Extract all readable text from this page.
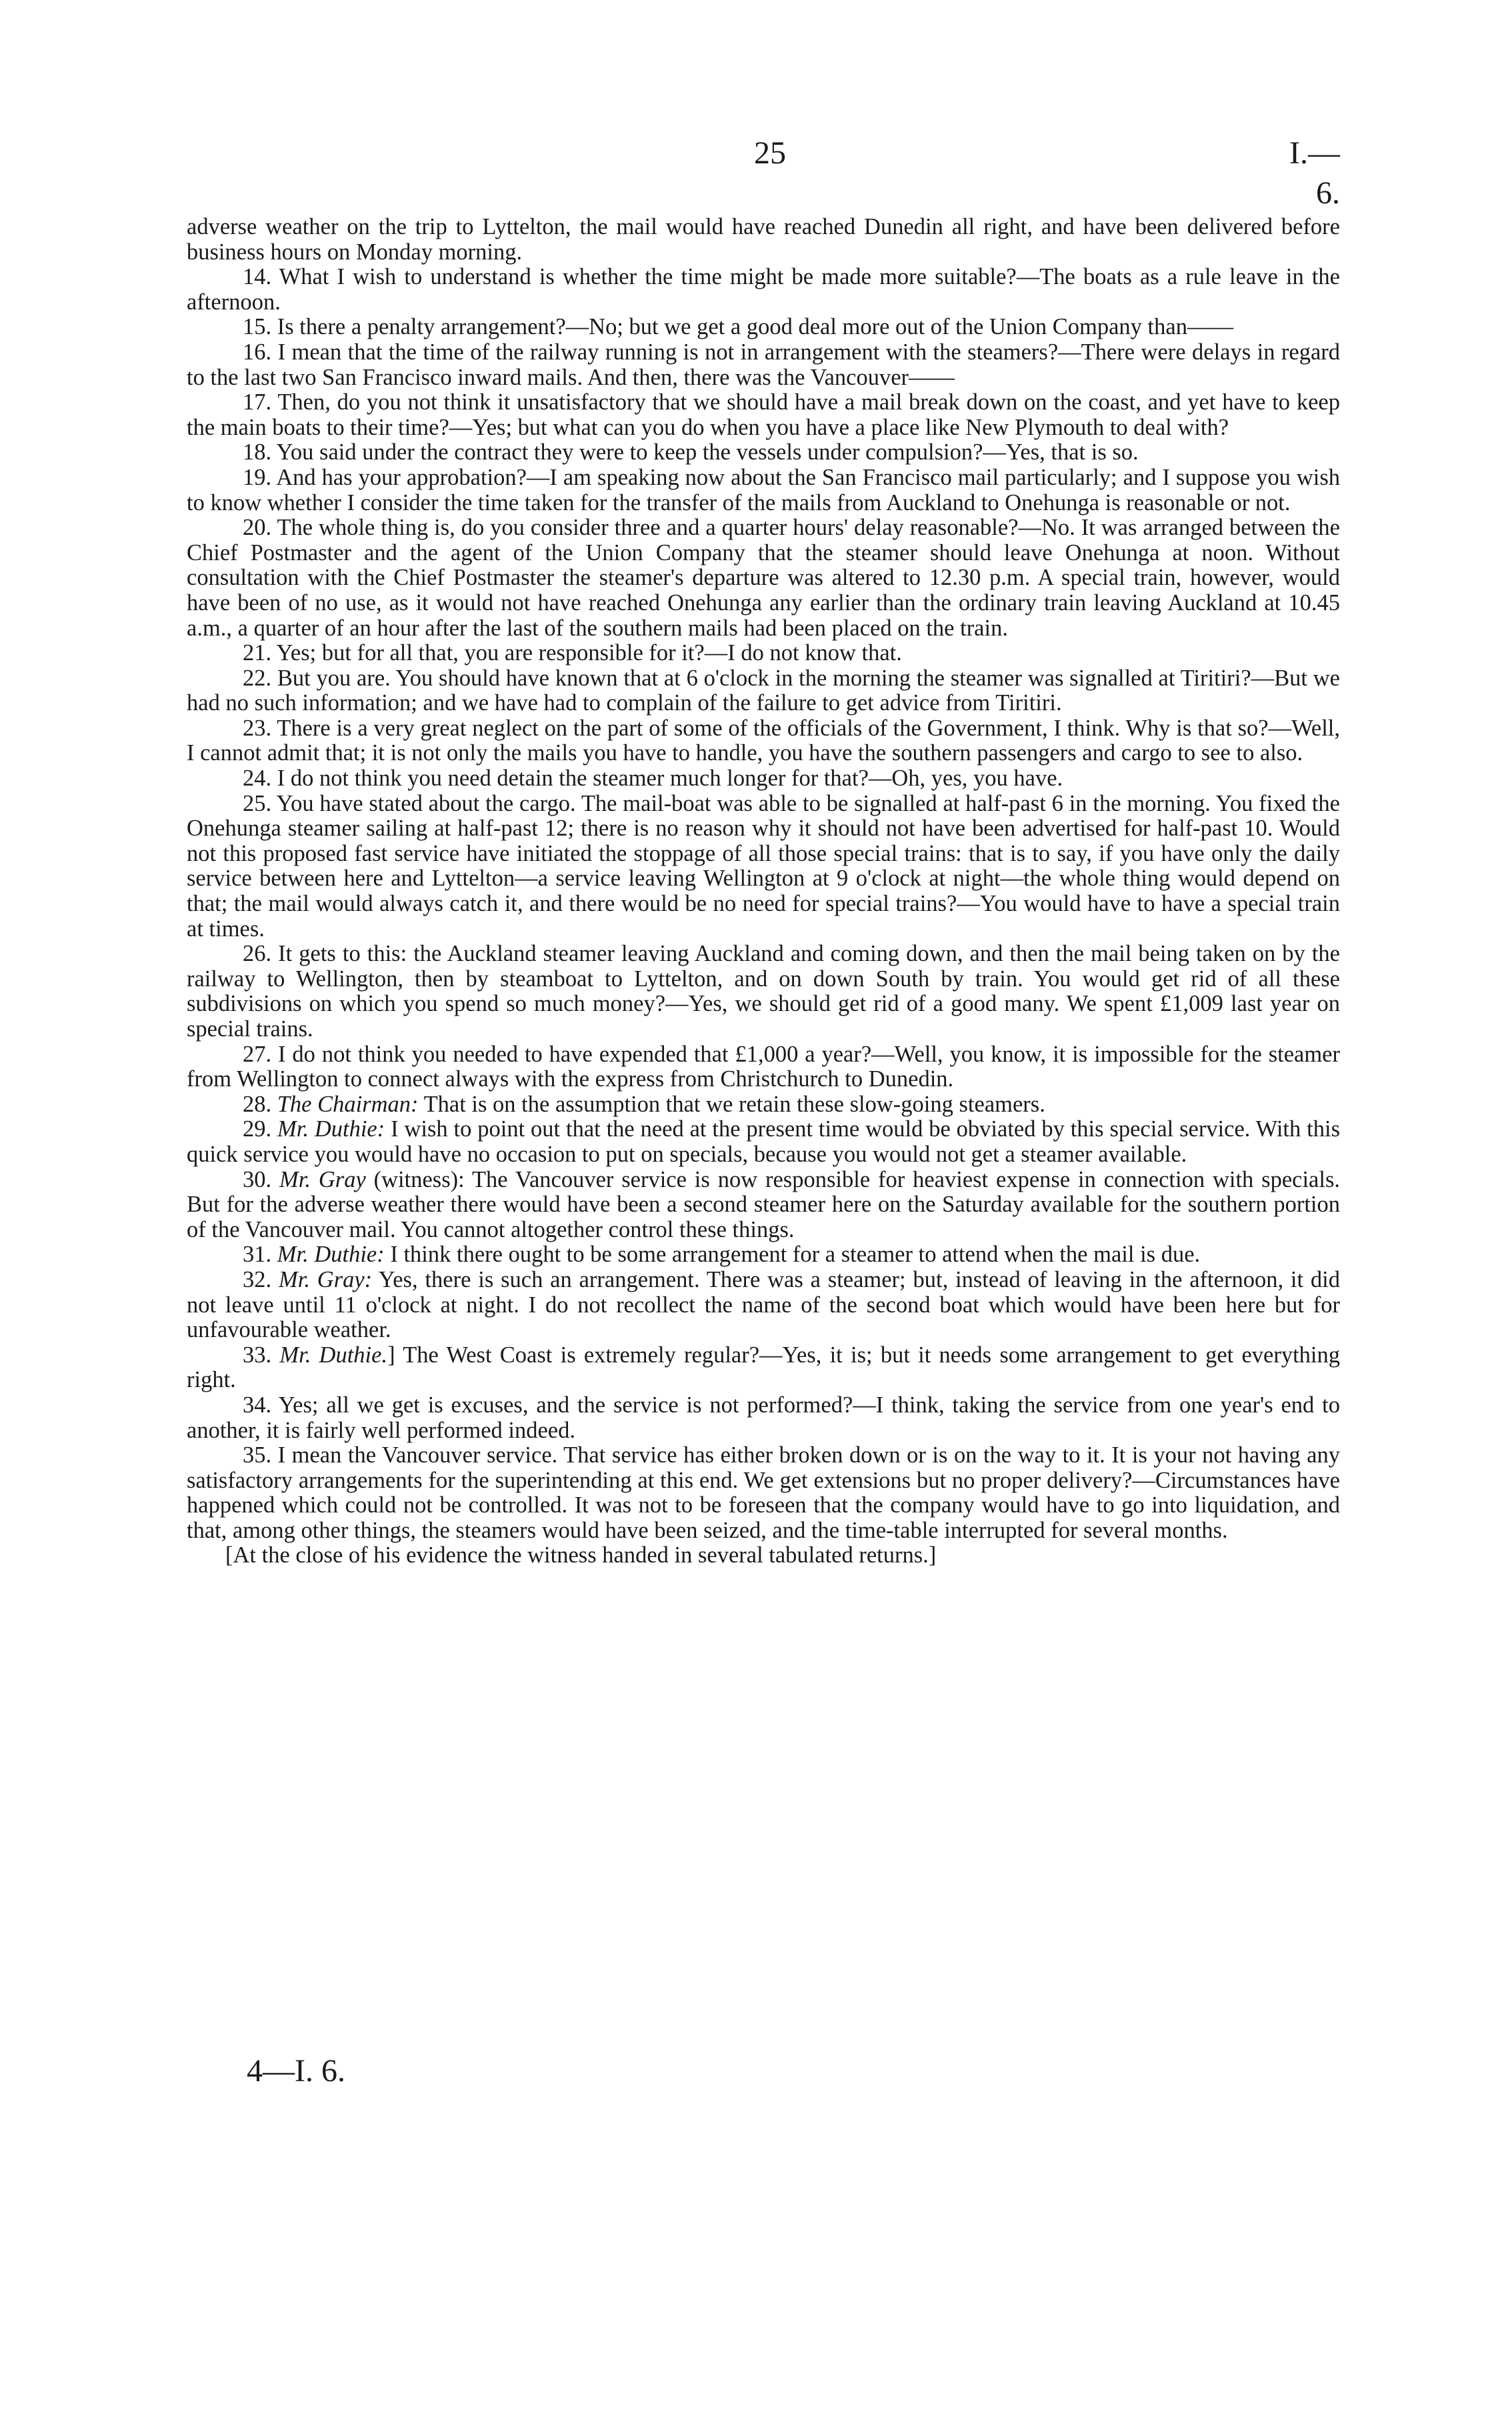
25	I.—6.

adverse weather on the trip to Lyttelton, the mail would have reached Dunedin all right, and have been delivered before business hours on Monday morning.

14. What I wish to understand is whether the time might be made more suitable?—The boats as a rule leave in the afternoon.

15. Is there a penalty arrangement?—No; but we get a good deal more out of the Union Company than——

16. I mean that the time of the railway running is not in arrangement with the steamers?—There were delays in regard to the last two San Francisco inward mails. And then, there was the Vancouver——

17. Then, do you not think it unsatisfactory that we should have a mail break down on the coast, and yet have to keep the main boats to their time?—Yes; but what can you do when you have a place like New Plymouth to deal with?

18. You said under the contract they were to keep the vessels under compulsion?—Yes, that is so.

19. And has your approbation?—I am speaking now about the San Francisco mail particularly; and I suppose you wish to know whether I consider the time taken for the transfer of the mails from Auckland to Onehunga is reasonable or not.

20. The whole thing is, do you consider three and a quarter hours' delay reasonable?—No. It was arranged between the Chief Postmaster and the agent of the Union Company that the steamer should leave Onehunga at noon. Without consultation with the Chief Postmaster the steamer's departure was altered to 12.30 p.m. A special train, however, would have been of no use, as it would not have reached Onehunga any earlier than the ordinary train leaving Auckland at 10.45 a.m., a quarter of an hour after the last of the southern mails had been placed on the train.

21. Yes; but for all that, you are responsible for it?—I do not know that.

22. But you are. You should have known that at 6 o'clock in the morning the steamer was signalled at Tiritiri?—But we had no such information; and we have had to complain of the failure to get advice from Tiritiri.

23. There is a very great neglect on the part of some of the officials of the Government, I think. Why is that so?—Well, I cannot admit that; it is not only the mails you have to handle, you have the southern passengers and cargo to see to also.

24. I do not think you need detain the steamer much longer for that?—Oh, yes, you have.

25. You have stated about the cargo. The mail-boat was able to be signalled at half-past 6 in the morning. You fixed the Onehunga steamer sailing at half-past 12; there is no reason why it should not have been advertised for half-past 10. Would not this proposed fast service have initiated the stoppage of all those special trains: that is to say, if you have only the daily service between here and Lyttelton—a service leaving Wellington at 9 o'clock at night—the whole thing would depend on that; the mail would always catch it, and there would be no need for special trains?—You would have to have a special train at times.

26. It gets to this: the Auckland steamer leaving Auckland and coming down, and then the mail being taken on by the railway to Wellington, then by steamboat to Lyttelton, and on down South by train. You would get rid of all these subdivisions on which you spend so much money?—Yes, we should get rid of a good many. We spent £1,009 last year on special trains.

27. I do not think you needed to have expended that £1,000 a year?—Well, you know, it is impossible for the steamer from Wellington to connect always with the express from Christchurch to Dunedin.

28. The Chairman: That is on the assumption that we retain these slow-going steamers.

29. Mr. Duthie: I wish to point out that the need at the present time would be obviated by this special service. With this quick service you would have no occasion to put on specials, because you would not get a steamer available.

30. Mr. Gray (witness): The Vancouver service is now responsible for heaviest expense in connection with specials. But for the adverse weather there would have been a second steamer here on the Saturday available for the southern portion of the Vancouver mail. You cannot altogether control these things.

31. Mr. Duthie: I think there ought to be some arrangement for a steamer to attend when the mail is due.

32. Mr. Gray: Yes, there is such an arrangement. There was a steamer; but, instead of leaving in the afternoon, it did not leave until 11 o'clock at night. I do not recollect the name of the second boat which would have been here but for unfavourable weather.

33. Mr. Duthie.] The West Coast is extremely regular?—Yes, it is; but it needs some arrangement to get everything right.

34. Yes; all we get is excuses, and the service is not performed?—I think, taking the service from one year's end to another, it is fairly well performed indeed.

35. I mean the Vancouver service. That service has either broken down or is on the way to it. It is your not having any satisfactory arrangements for the superintending at this end. We get extensions but no proper delivery?—Circumstances have happened which could not be controlled. It was not to be foreseen that the company would have to go into liquidation, and that, among other things, the steamers would have been seized, and the time-table interrupted for several months.

[At the close of his evidence the witness handed in several tabulated returns.]

4—I. 6.
